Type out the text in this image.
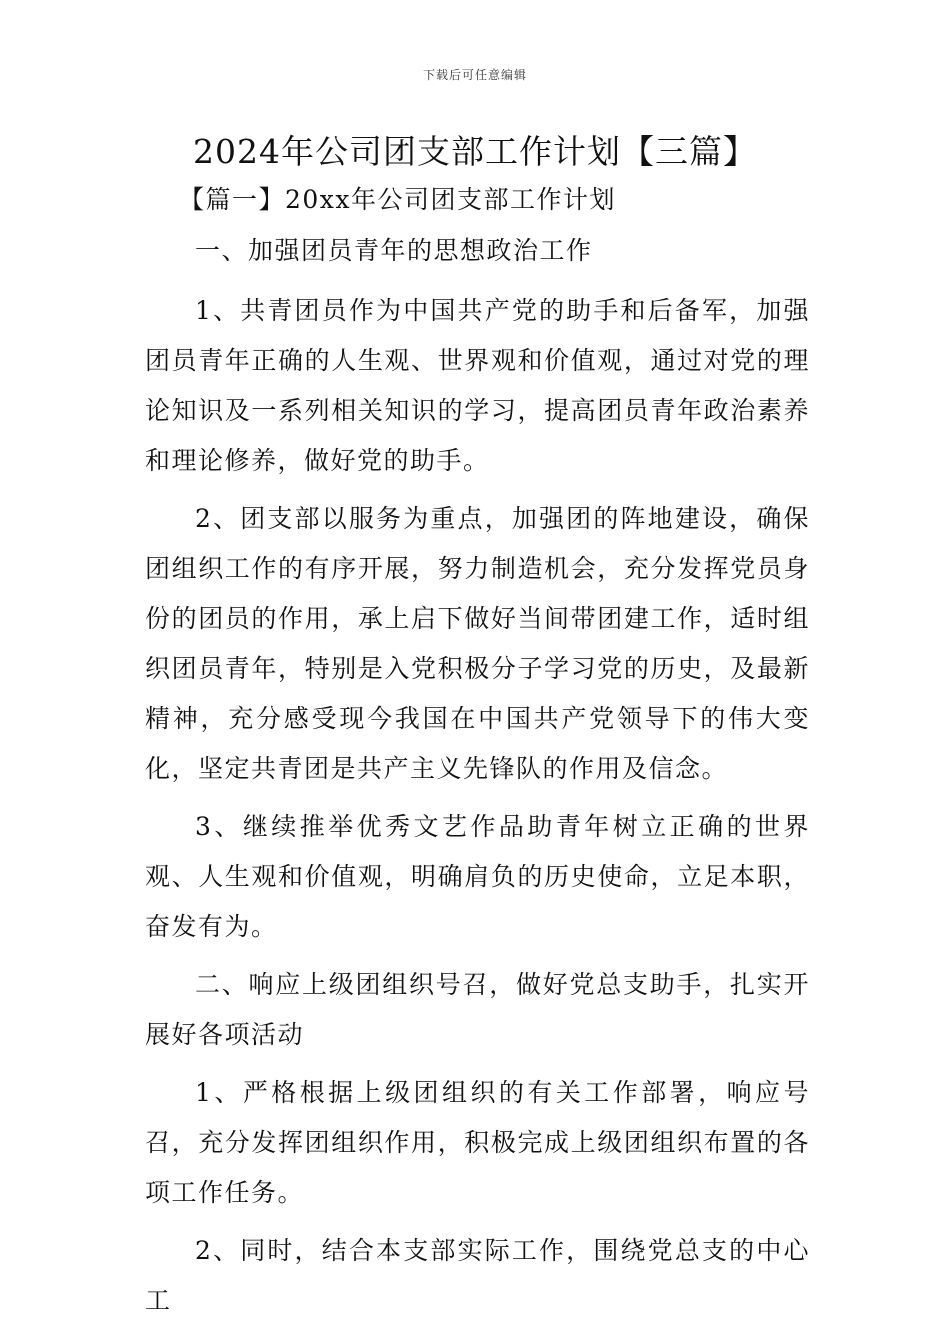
下载后可任意编辑
2024年公司团支部工作计划【三篇】

【篇一】20xx年公司团支部工作计划

一、加强团员青年的思想政治工作

1、共青团员作为中国共产党的助手和后备军，加强团员青年正确的人生观、世界观和价值观，通过对党的理论知识及一系列相关知识的学习，提高团员青年政治素养和理论修养，做好党的助手。

2、团支部以服务为重点，加强团的阵地建设，确保团组织工作的有序开展，努力制造机会，充分发挥党员身份的团员的作用，承上启下做好当间带团建工作，适时组织团员青年，特别是入党积极分子学习党的历史，及最新精神，充分感受现今我国在中国共产党领导下的伟大变化，坚定共青团是共产主义先锋队的作用及信念。

3、继续推举优秀文艺作品助青年树立正确的世界观、人生观和价值观，明确肩负的历史使命，立足本职，奋发有为。

二、响应上级团组织号召，做好党总支助手，扎实开展好各项活动

1、严格根据上级团组织的有关工作部署，响应号召，充分发挥团组织作用，积极完成上级团组织布置的各项工作任务。

2、同时，结合本支部实际工作，围绕党总支的中心工
